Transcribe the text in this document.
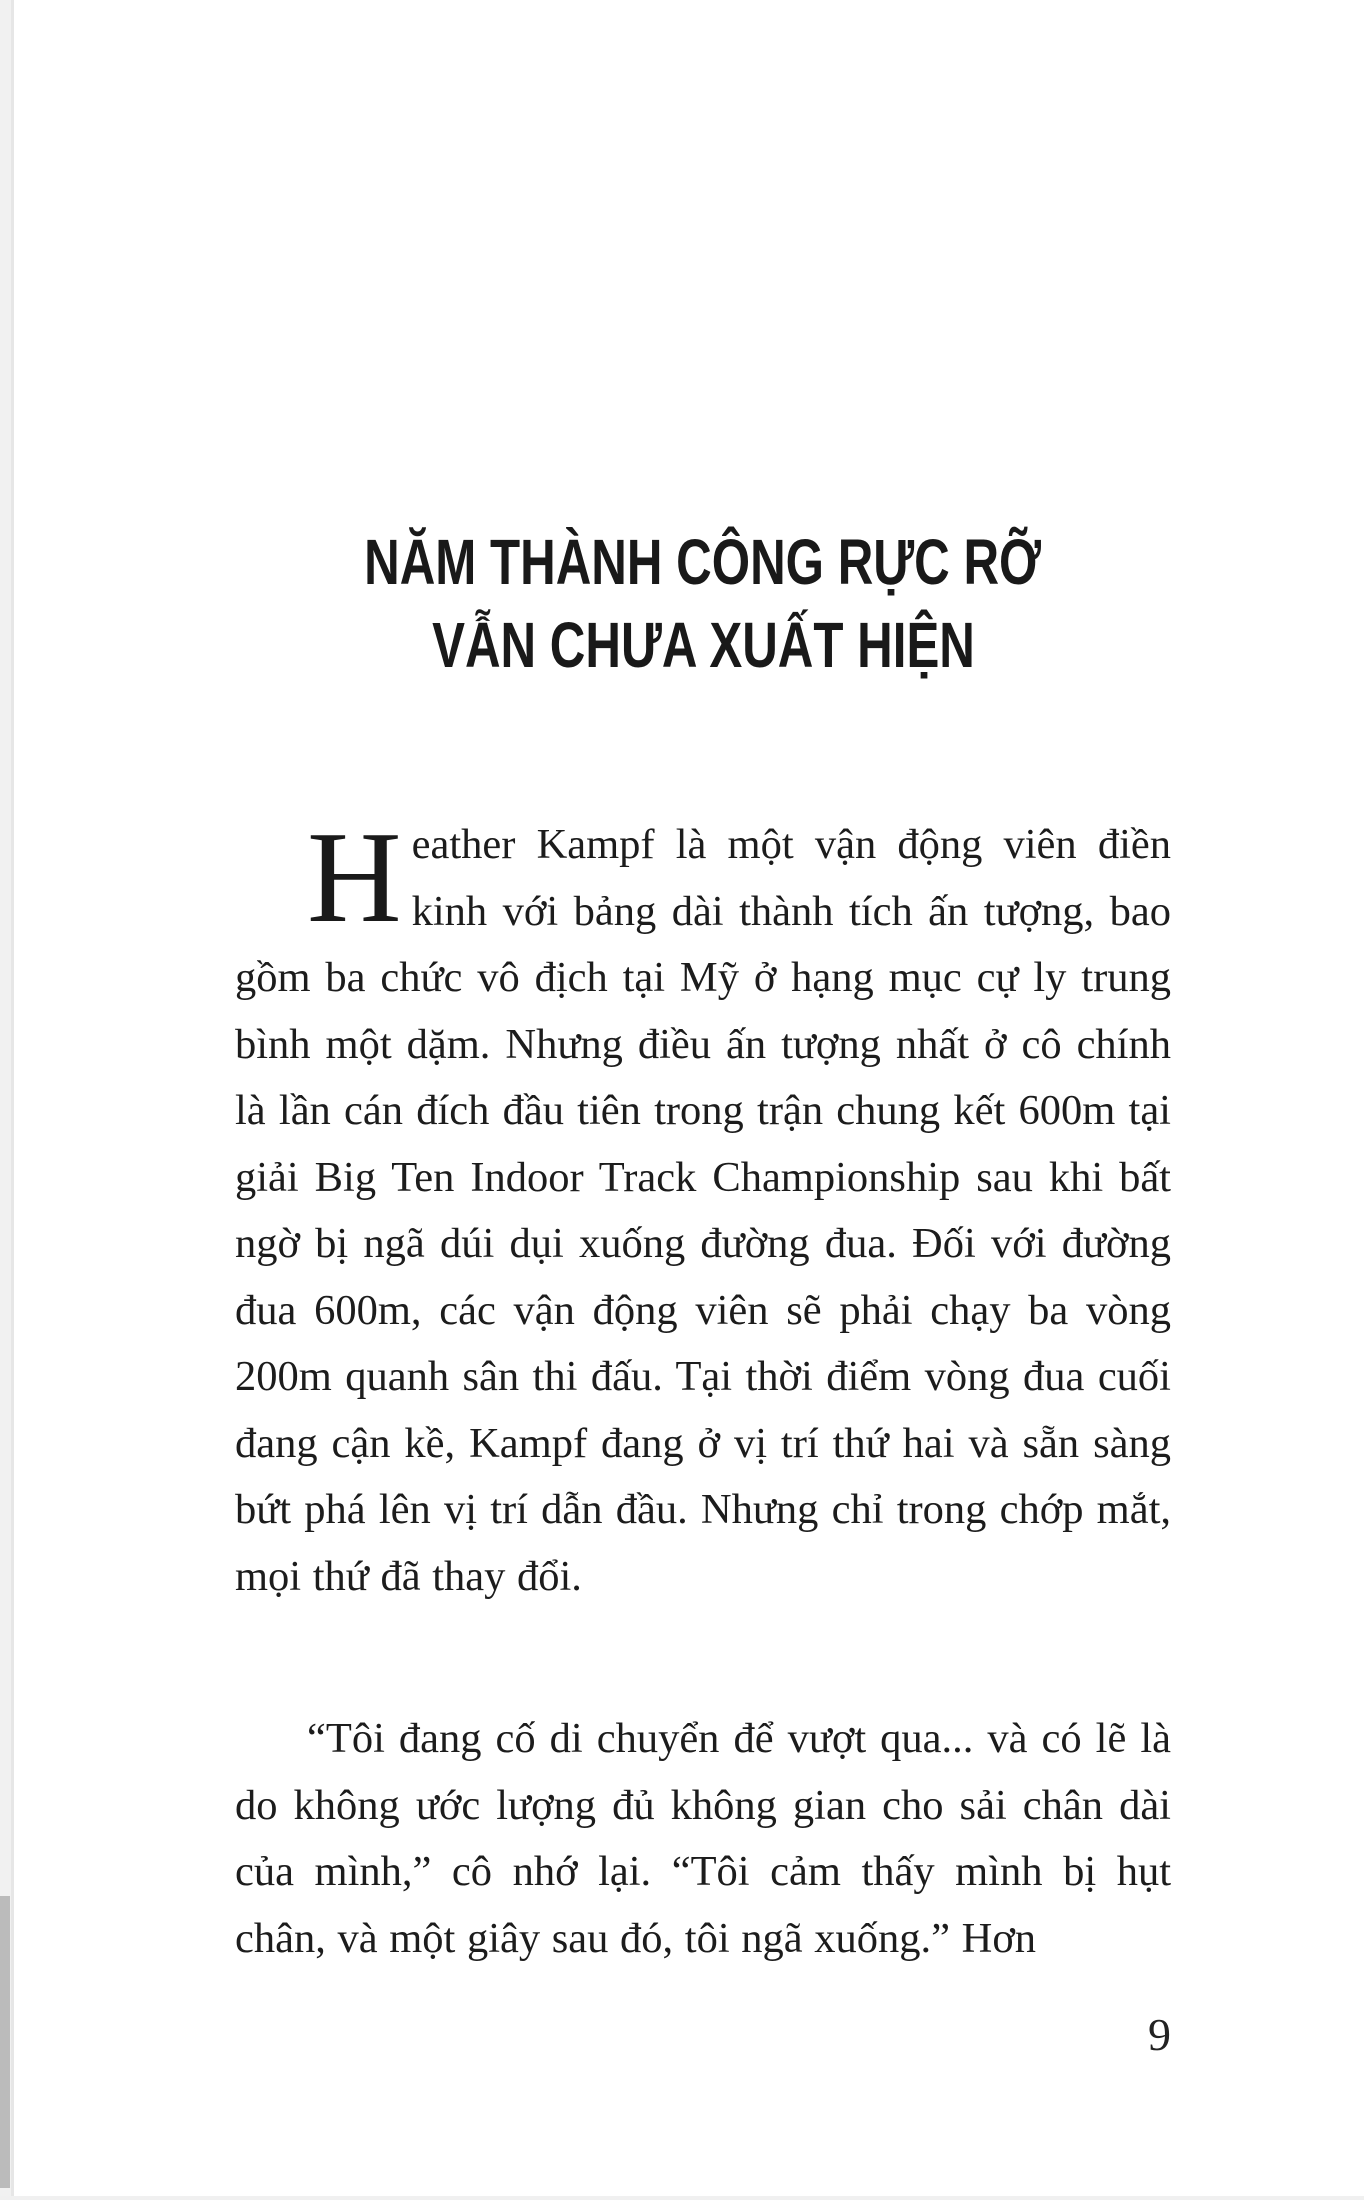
NĂM THÀNH CÔNG RỰC RỠ
VẪN CHƯA XUẤT HIỆN
Heather Kampf là một vận động viên điền kinh với bảng dài thành tích ấn tượng, bao gồm ba chức vô địch tại Mỹ ở hạng mục cự ly trung bình một dặm. Nhưng điều ấn tượng nhất ở cô chính là lần cán đích đầu tiên trong trận chung kết 600m tại giải Big Ten Indoor Track Championship sau khi bất ngờ bị ngã dúi dụi xuống đường đua. Đối với đường đua 600m, các vận động viên sẽ phải chạy ba vòng 200m quanh sân thi đấu. Tại thời điểm vòng đua cuối đang cận kề, Kampf đang ở vị trí thứ hai và sẵn sàng bứt phá lên vị trí dẫn đầu. Nhưng chỉ trong chớp mắt, mọi thứ đã thay đổi.
“Tôi đang cố di chuyển để vượt qua... và có lẽ là do không ước lượng đủ không gian cho sải chân dài của mình,” cô nhớ lại. “Tôi cảm thấy mình bị hụt chân, và một giây sau đó, tôi ngã xuống.” Hơn
9
